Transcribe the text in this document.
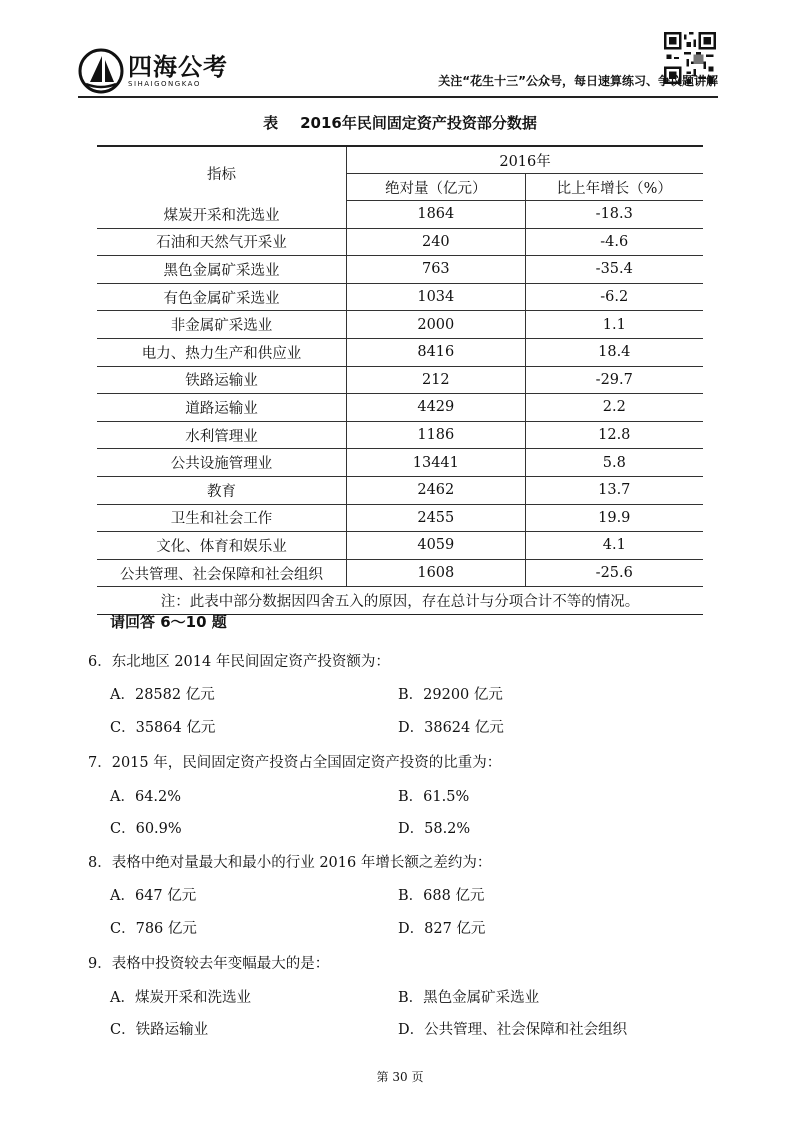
四海公考
SIHAIGONGKAO	关注“花生十三”公众号，每日速算练习、争议题讲解
表 2016年民间固定资产投资部分数据
指标	2016年	
	绝对量（亿元）	比上年增长（%）
煤炭开采和洗选业	1864	-18.3
石油和天然气开采业	240	-4.6
黑色金属矿采选业	763	-35.4
有色金属矿采选业	1034	-6.2
非金属矿采选业	2000	1.1
电力、热力生产和供应业	8416	18.4
铁路运输业	212	-29.7
道路运输业	4429	2.2
水利管理业	1186	12.8
公共设施管理业	13441	5.8
教育	2462	13.7
卫生和社会工作	2455	19.9
文化、体育和娱乐业	4059	4.1
公共管理、社会保障和社会组织	1608	-25.6
注：此表中部分数据因四舍五入的原因，存在总计与分项合计不等的情况。		
请回答 6～10 题
6．东北地区 2014 年民间固定资产投资额为：
A．28582 亿元	B．29200 亿元
C．35864 亿元	D．38624 亿元
7．2015 年，民间固定资产投资占全国固定资产投资的比重为：
A．64.2%	B．61.5%
C．60.9%	D．58.2%
8．表格中绝对量最大和最小的行业 2016 年增长额之差约为：
A．647 亿元	B．688 亿元
C．786 亿元	D．827 亿元
9．表格中投资较去年变幅最大的是：
A．煤炭开采和洗选业	B．黑色金属矿采选业
C．铁路运输业	D．公共管理、社会保障和社会组织
第 30 页
